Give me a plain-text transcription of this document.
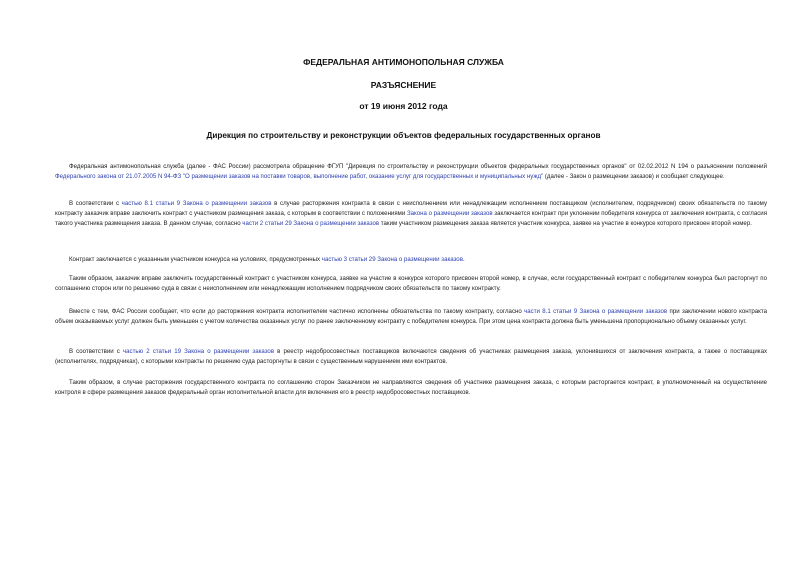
ФЕДЕРАЛЬНАЯ АНТИМОНОПОЛЬНАЯ СЛУЖБА
РАЗЪЯСНЕНИЕ
от 19 июня 2012 года
Дирекция по строительству и реконструкции объектов федеральных государственных органов

Федеральная антимонопольная служба (далее - ФАС России) рассмотрела обращение ФГУП "Дирекция по строительству и реконструкции объектов федеральных государственных органов" от 02.02.2012 N 194 о разъяснении положений Федерального закона от 21.07.2005 N 94-ФЗ "О размещении заказов на поставки товаров, выполнение работ, оказание услуг для государственных и муниципальных нужд" (далее - Закон о размещении заказов) и сообщает следующее.

В соответствии с частью 8.1 статьи 9 Закона о размещении заказов в случае расторжения контракта в связи с неисполнением или ненадлежащим исполнением поставщиком (исполнителем, подрядчиком) своих обязательств по такому контракту заказчик вправе заключить контракт с участником размещения заказа, с которым в соответствии с положениями Закона о размещении заказов заключается контракт при уклонении победителя конкурса от заключения контракта, с согласия такого участника размещения заказа. В данном случае, согласно части 2 статьи 29 Закона о размещении заказов таким участником размещения заказа является участник конкурса, заявке на участие в конкурсе которого присвоен второй номер.

Контракт заключается с указанным участником конкурса на условиях, предусмотренных частью 3 статьи 29 Закона о размещении заказов.

Таким образом, заказчик вправе заключить государственный контракт с участником конкурса, заявке на участие в конкурсе которого присвоен второй номер, в случае, если государственный контракт с победителем конкурса был расторгнут по соглашению сторон или по решению суда в связи с неисполнением или ненадлежащим исполнением подрядчиком своих обязательств по такому контракту.

Вместе с тем, ФАС России сообщает, что если до расторжения контракта исполнителем частично исполнены обязательства по такому контракту, согласно части 8.1 статьи 9 Закона о размещении заказов при заключении нового контракта объем оказываемых услуг должен быть уменьшен с учетом количества оказанных услуг по ранее заключенному контракту с победителем конкурса. При этом цена контракта должна быть уменьшена пропорционально объему оказанных услуг.

В соответствии с частью 2 статьи 19 Закона о размещении заказов в реестр недобросовестных поставщиков включаются сведения об участниках размещения заказа, уклонившихся от заключения контракта, а также о поставщиках (исполнителях, подрядчиках), с которыми контракты по решению суда расторгнуты в связи с существенным нарушением ими контрактов.

Таким образом, в случае расторжения государственного контракта по соглашению сторон Заказчиком не направляются сведения об участнике размещения заказа, с которым расторгается контракт, в уполномоченный на осуществление контроля в сфере размещения заказов федеральный орган исполнительной власти для включения его в реестр недобросовестных поставщиков.
